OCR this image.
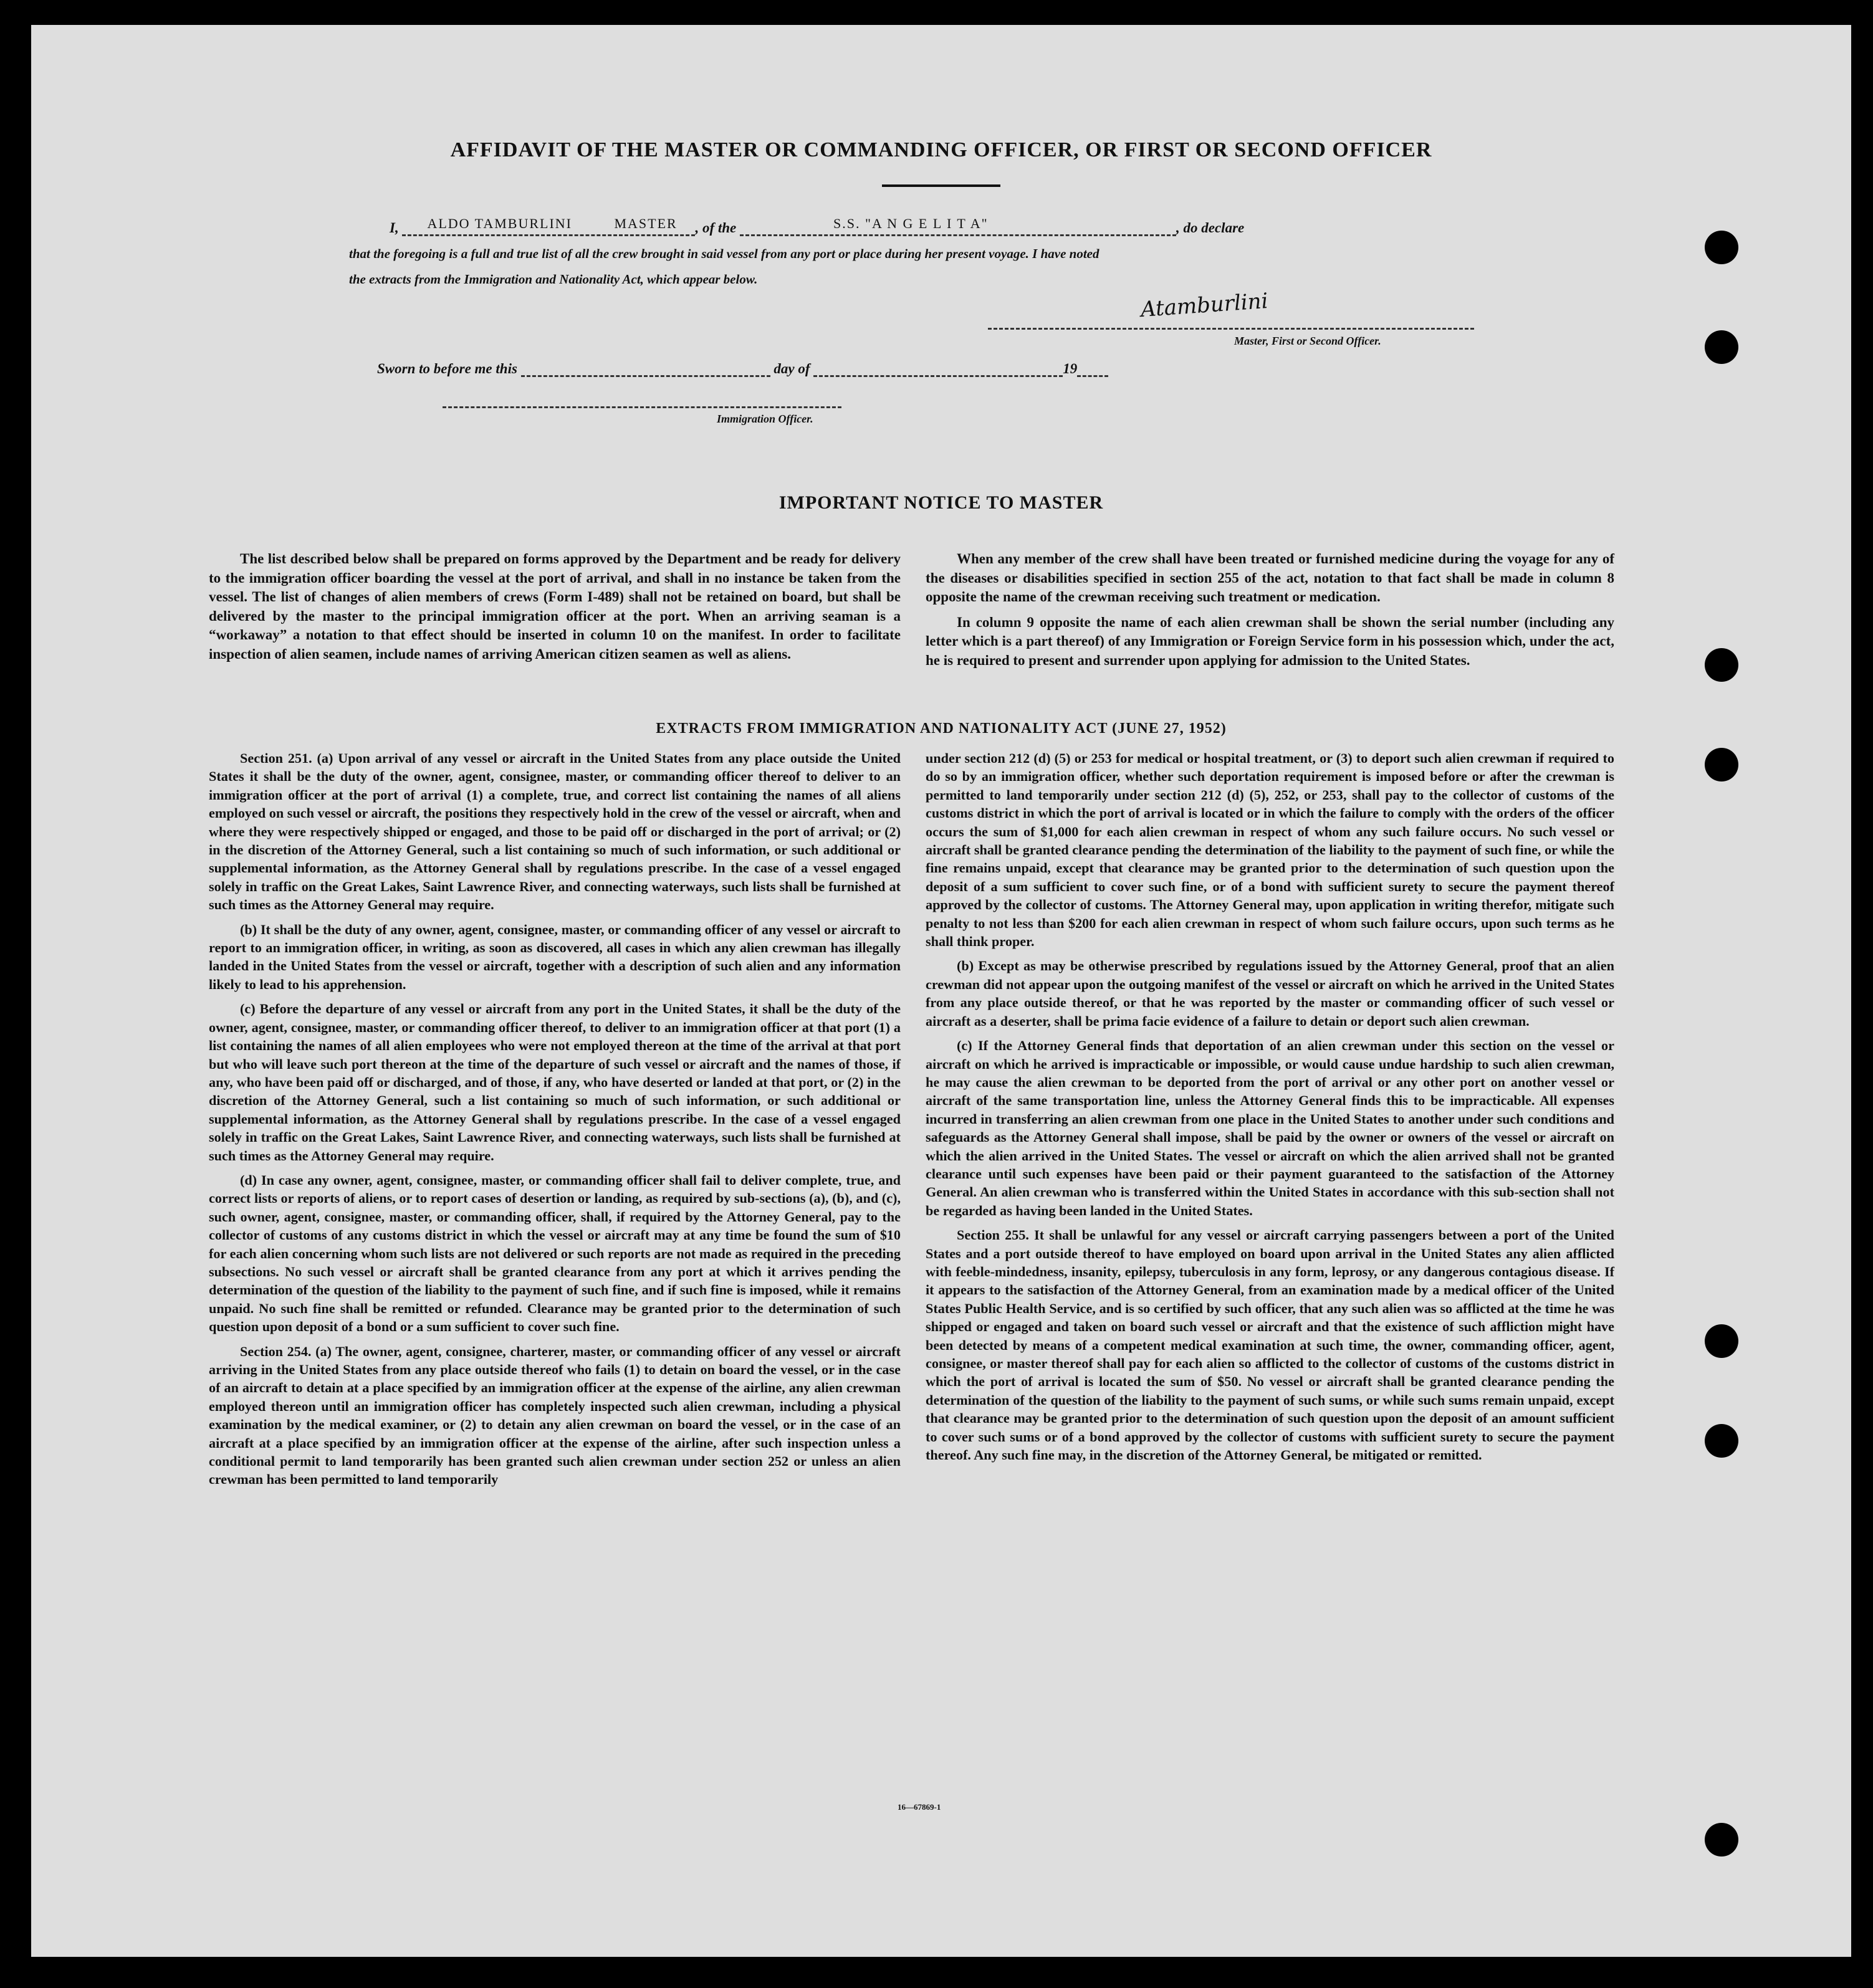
AFFIDAVIT OF THE MASTER OR COMMANDING OFFICER, OR FIRST OR SECOND OFFICER
I, ALDO TAMBURLINI	MASTER , of the	S.S. "A N G E L I T A"	, do declare
that the foregoing is a full and true list of all the crew brought in said vessel from any port or place during her present voyage. I have noted
the extracts from the Immigration and Nationality Act, which appear below.
Atamburlini
Master, First or Second Officer.
Sworn to before me this	day of	19
Immigration Officer.
IMPORTANT NOTICE TO MASTER

The list described below shall be prepared on forms approved by the Department and be ready for delivery to the immigration officer boarding the vessel at the port of arrival, and shall in no instance be taken from the vessel. The list of changes of alien members of crews (Form I-489) shall not be retained on board, but shall be delivered by the master to the principal immigration officer at the port. When an arriving seaman is a “workaway” a notation to that effect should be inserted in column 10 on the manifest. In order to facilitate inspection of alien seamen, include names of arriving American citizen seamen as well as aliens.

When any member of the crew shall have been treated or furnished medicine during the voyage for any of the diseases or disabilities specified in section 255 of the act, notation to that fact shall be made in column 8 opposite the name of the crewman receiving such treatment or medication.

In column 9 opposite the name of each alien crewman shall be shown the serial number (including any letter which is a part thereof) of any Immigration or Foreign Service form in his possession which, under the act, he is required to present and surrender upon applying for admission to the United States.

EXTRACTS FROM IMMIGRATION AND NATIONALITY ACT (JUNE 27, 1952)

Section 251. (a) Upon arrival of any vessel or aircraft in the United States from any place outside the United States it shall be the duty of the owner, agent, consignee, master, or commanding officer thereof to deliver to an immigration officer at the port of arrival (1) a complete, true, and correct list containing the names of all aliens employed on such vessel or aircraft, the positions they respectively hold in the crew of the vessel or aircraft, when and where they were respectively shipped or engaged, and those to be paid off or discharged in the port of arrival; or (2) in the discretion of the Attorney General, such a list containing so much of such information, or such additional or supplemental information, as the Attorney General shall by regulations prescribe. In the case of a vessel engaged solely in traffic on the Great Lakes, Saint Lawrence River, and connecting waterways, such lists shall be furnished at such times as the Attorney General may require.

(b) It shall be the duty of any owner, agent, consignee, master, or commanding officer of any vessel or aircraft to report to an immigration officer, in writing, as soon as discovered, all cases in which any alien crewman has illegally landed in the United States from the vessel or aircraft, together with a description of such alien and any information likely to lead to his apprehension.

(c) Before the departure of any vessel or aircraft from any port in the United States, it shall be the duty of the owner, agent, consignee, master, or commanding officer thereof, to deliver to an immigration officer at that port (1) a list containing the names of all alien employees who were not employed thereon at the time of the arrival at that port but who will leave such port thereon at the time of the departure of such vessel or aircraft and the names of those, if any, who have been paid off or discharged, and of those, if any, who have deserted or landed at that port, or (2) in the discretion of the Attorney General, such a list containing so much of such information, or such additional or supplemental information, as the Attorney General shall by regulations prescribe. In the case of a vessel engaged solely in traffic on the Great Lakes, Saint Lawrence River, and connecting waterways, such lists shall be furnished at such times as the Attorney General may require.

(d) In case any owner, agent, consignee, master, or commanding officer shall fail to deliver complete, true, and correct lists or reports of aliens, or to report cases of desertion or landing, as required by sub-sections (a), (b), and (c), such owner, agent, consignee, master, or commanding officer, shall, if required by the Attorney General, pay to the collector of customs of any customs district in which the vessel or aircraft may at any time be found the sum of $10 for each alien concerning whom such lists are not delivered or such reports are not made as required in the preceding subsections. No such vessel or aircraft shall be granted clearance from any port at which it arrives pending the determination of the question of the liability to the payment of such fine, and if such fine is imposed, while it remains unpaid. No such fine shall be remitted or refunded. Clearance may be granted prior to the determination of such question upon deposit of a bond or a sum sufficient to cover such fine.

Section 254. (a) The owner, agent, consignee, charterer, master, or commanding officer of any vessel or aircraft arriving in the United States from any place outside thereof who fails (1) to detain on board the vessel, or in the case of an aircraft to detain at a place specified by an immigration officer at the expense of the airline, any alien crewman employed thereon until an immigration officer has completely inspected such alien crewman, including a physical examination by the medical examiner, or (2) to detain any alien crewman on board the vessel, or in the case of an aircraft at a place specified by an immigration officer at the expense of the airline, after such inspection unless a conditional permit to land temporarily has been granted such alien crewman under section 252 or unless an alien crewman has been permitted to land temporarily

under section 212 (d) (5) or 253 for medical or hospital treatment, or (3) to deport such alien crewman if required to do so by an immigration officer, whether such deportation requirement is imposed before or after the crewman is permitted to land temporarily under section 212 (d) (5), 252, or 253, shall pay to the collector of customs of the customs district in which the port of arrival is located or in which the failure to comply with the orders of the officer occurs the sum of $1,000 for each alien crewman in respect of whom any such failure occurs. No such vessel or aircraft shall be granted clearance pending the determination of the liability to the payment of such fine, or while the fine remains unpaid, except that clearance may be granted prior to the determination of such question upon the deposit of a sum sufficient to cover such fine, or of a bond with sufficient surety to secure the payment thereof approved by the collector of customs. The Attorney General may, upon application in writing therefor, mitigate such penalty to not less than $200 for each alien crewman in respect of whom such failure occurs, upon such terms as he shall think proper.

(b) Except as may be otherwise prescribed by regulations issued by the Attorney General, proof that an alien crewman did not appear upon the outgoing manifest of the vessel or aircraft on which he arrived in the United States from any place outside thereof, or that he was reported by the master or commanding officer of such vessel or aircraft as a deserter, shall be prima facie evidence of a failure to detain or deport such alien crewman.

(c) If the Attorney General finds that deportation of an alien crewman under this section on the vessel or aircraft on which he arrived is impracticable or impossible, or would cause undue hardship to such alien crewman, he may cause the alien crewman to be deported from the port of arrival or any other port on another vessel or aircraft of the same transportation line, unless the Attorney General finds this to be impracticable. All expenses incurred in transferring an alien crewman from one place in the United States to another under such conditions and safeguards as the Attorney General shall impose, shall be paid by the owner or owners of the vessel or aircraft on which the alien arrived in the United States. The vessel or aircraft on which the alien arrived shall not be granted clearance until such expenses have been paid or their payment guaranteed to the satisfaction of the Attorney General. An alien crewman who is transferred within the United States in accordance with this sub-section shall not be regarded as having been landed in the United States.

Section 255. It shall be unlawful for any vessel or aircraft carrying passengers between a port of the United States and a port outside thereof to have employed on board upon arrival in the United States any alien afflicted with feeble-mindedness, insanity, epilepsy, tuberculosis in any form, leprosy, or any dangerous contagious disease. If it appears to the satisfaction of the Attorney General, from an examination made by a medical officer of the United States Public Health Service, and is so certified by such officer, that any such alien was so afflicted at the time he was shipped or engaged and taken on board such vessel or aircraft and that the existence of such affliction might have been detected by means of a competent medical examination at such time, the owner, commanding officer, agent, consignee, or master thereof shall pay for each alien so afflicted to the collector of customs of the customs district in which the port of arrival is located the sum of $50. No vessel or aircraft shall be granted clearance pending the determination of the question of the liability to the payment of such sums, or while such sums remain unpaid, except that clearance may be granted prior to the determination of such question upon the deposit of an amount sufficient to cover such sums or of a bond approved by the collector of customs with sufficient surety to secure the payment thereof. Any such fine may, in the discretion of the Attorney General, be mitigated or remitted.

16—67869-1
